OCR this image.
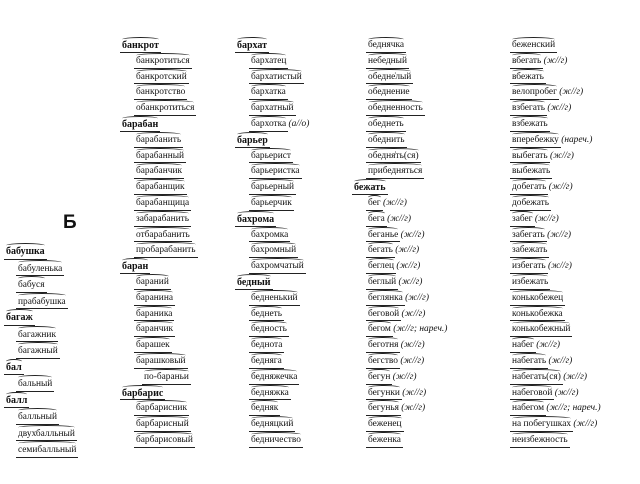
Б
бабушка
бабуленька
бабуся
прабабушка
багаж
багажник
багажный
бал
бальный
балл
балльный
двухбалльный
семибалльный
банкрот
банкротиться
банкротский
банкротство
обанкротиться
барабан
барабанить
барабанный
барабанчик
барабанщик
барабанщица
забарабанить
отбарабанить
пробарабанить
баран
бараний
баранина
бараника
баранчик
барашек
барашковый
по-бараньи
барбарис
барбарисник
барбарисный
барбарисовый
бархат
бархатец
бархатистый
бархатка
бархатный
бархотка (а//о)
барьер
барьерист
барьеристка
барьерный
барьерчик
бахрома
бахромка
бахромный
бахромчатый
бедный
бедненький
беднеть
бедность
беднота
бедняга
бедняжечка
бедняжка
бедняк
бедняцкий
бедничество
беднячка
небедный
обедне̇лый
обеднение
обедненность
обеднеть
обеднить
обедня̇ть(ся)
прибедняться
бежать
бег (ж//г)
бега (ж//г)
беганье (ж//г)
бегать (ж//г)
беглец (ж//г)
беглый (ж//г)
беглянка (ж//г)
беговой (ж//г)
бегом (ж//г; нареч.)
беготня (ж//г)
бегство (ж//г)
бегун (ж//г)
бегунки (ж//г)
бегунья (ж//г)
беженец
беженка
беженский
вбегать (ж//г)
вбежать
велопробег (ж//г)
взбегать (ж//г)
взбежать
вперебежку (нареч.)
выбегать (ж//г)
выбежать
добегать (ж//г)
добежать
забег (ж//г)
забегать (ж//г)
забежать
избегать (ж//г)
избежать
конькобежец
конькобежка
конькобежный
набег (ж//г)
набегать (ж//г)
набегать(ся) (ж//г)
набеговой (ж//г)
набегом (ж//г; нареч.)
на побегушках (ж//г)
неизбежность
